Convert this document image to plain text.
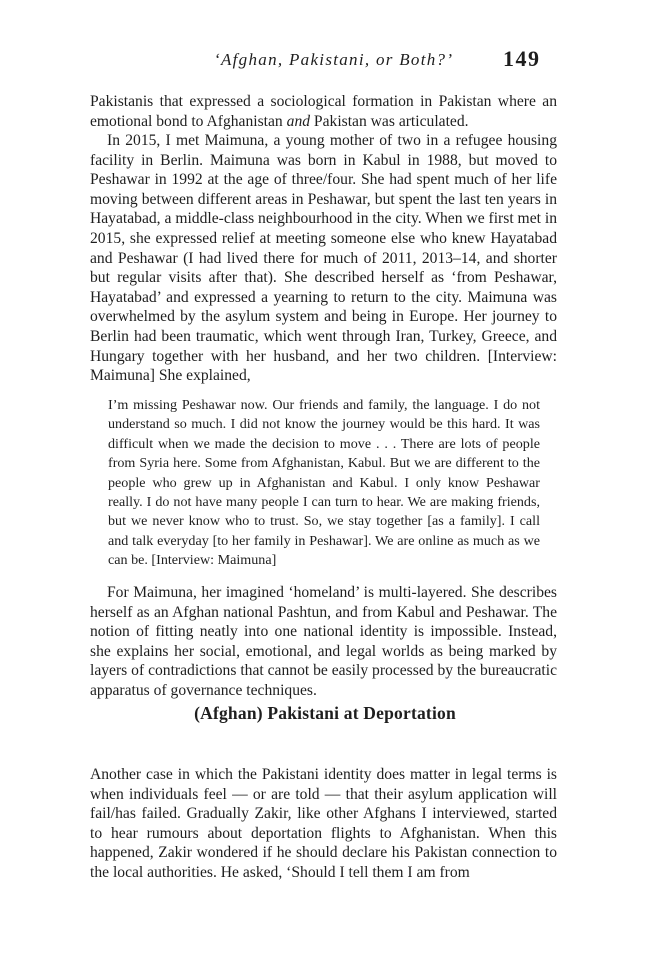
‘Afghan, Pakistani, or Both?’ 149

Pakistanis that expressed a sociological formation in Pakistan where an emotional bond to Afghanistan and Pakistan was articulated.

In 2015, I met Maimuna, a young mother of two in a refugee housing facility in Berlin. Maimuna was born in Kabul in 1988, but moved to Peshawar in 1992 at the age of three/four. She had spent much of her life moving between different areas in Peshawar, but spent the last ten years in Hayatabad, a middle-class neighbourhood in the city. When we first met in 2015, she expressed relief at meeting someone else who knew Hayatabad and Peshawar (I had lived there for much of 2011, 2013–14, and shorter but regular visits after that). She described herself as ‘from Peshawar, Hayatabad’ and expressed a yearning to return to the city. Maimuna was overwhelmed by the asylum system and being in Europe. Her journey to Berlin had been traumatic, which went through Iran, Turkey, Greece, and Hungary together with her husband, and her two children. [Interview: Maimuna] She explained,

I’m missing Peshawar now. Our friends and family, the language. I do not understand so much. I did not know the journey would be this hard. It was difficult when we made the decision to move . . . There are lots of people from Syria here. Some from Afghanistan, Kabul. But we are different to the people who grew up in Afghanistan and Kabul. I only know Peshawar really. I do not have many people I can turn to hear. We are making friends, but we never know who to trust. So, we stay together [as a family]. I call and talk everyday [to her family in Peshawar]. We are online as much as we can be. [Interview: Maimuna]

For Maimuna, her imagined ‘homeland’ is multi-layered. She describes herself as an Afghan national Pashtun, and from Kabul and Peshawar. The notion of fitting neatly into one national identity is impossible. Instead, she explains her social, emotional, and legal worlds as being marked by layers of contradictions that cannot be easily processed by the bureaucratic apparatus of governance techniques.

(Afghan) Pakistani at Deportation

Another case in which the Pakistani identity does matter in legal terms is when individuals feel — or are told — that their asylum application will fail/has failed. Gradually Zakir, like other Afghans I interviewed, started to hear rumours about deportation flights to Afghanistan. When this happened, Zakir wondered if he should declare his Pakistan connection to the local authorities. He asked, ‘Should I tell them I am from
